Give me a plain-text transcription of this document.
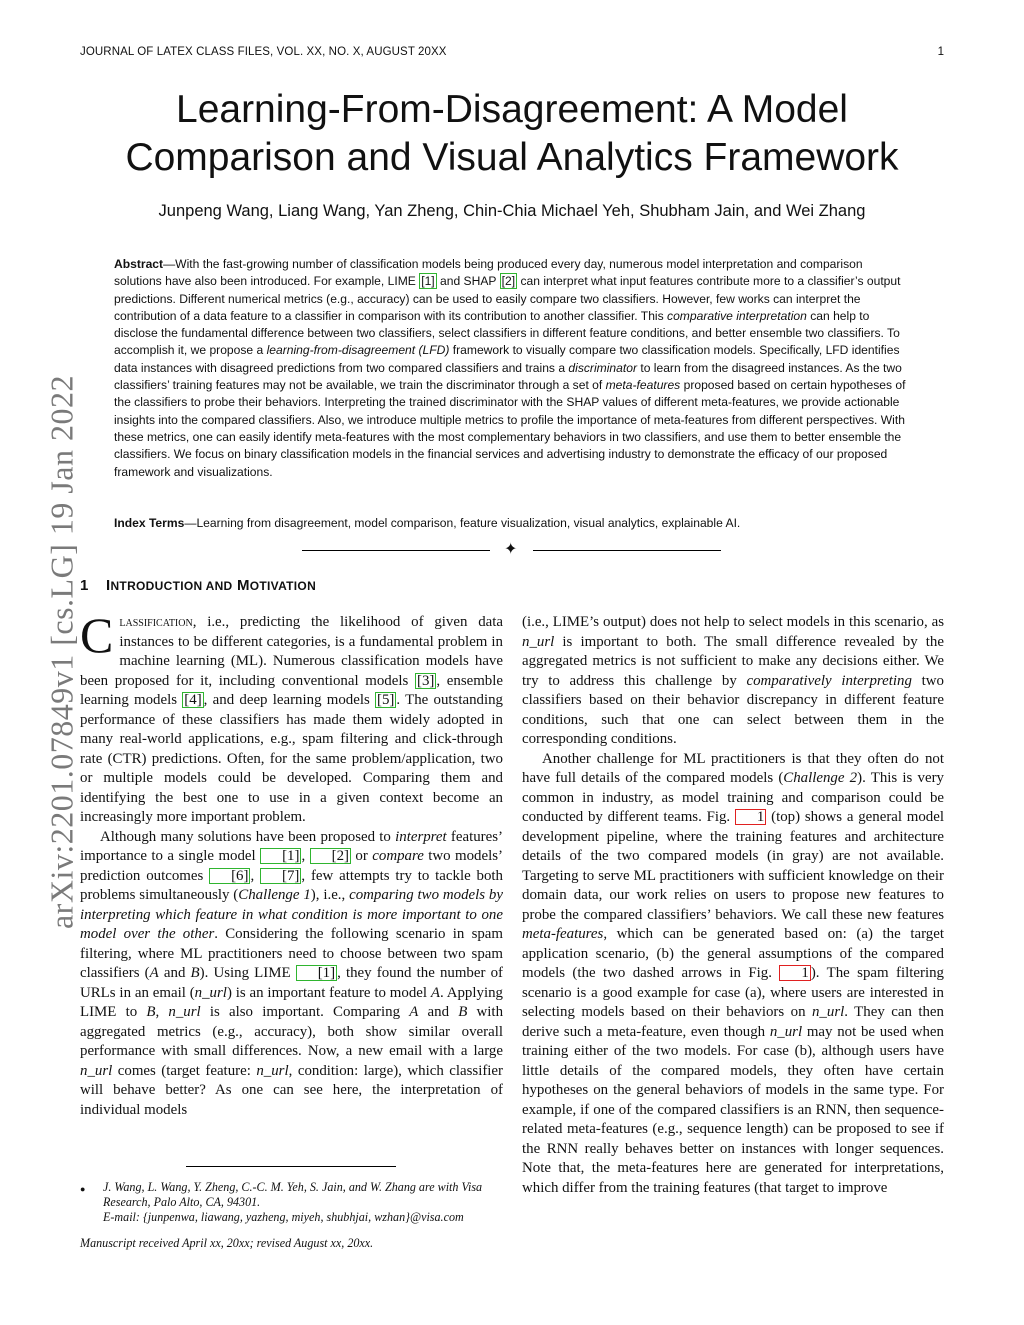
JOURNAL OF LATEX CLASS FILES, VOL. XX, NO. X, AUGUST 20XX	1
Learning-From-Disagreement: A Model
Comparison and Visual Analytics Framework
Junpeng Wang, Liang Wang, Yan Zheng, Chin-Chia Michael Yeh, Shubham Jain, and Wei Zhang

Abstract—With the fast-growing number of classification models being produced every day, numerous model interpretation and comparison solutions have also been introduced. For example, LIME [1] and SHAP [2] can interpret what input features contribute more to a classifier’s output predictions. Different numerical metrics (e.g., accuracy) can be used to easily compare two classifiers. However, few works can interpret the contribution of a data feature to a classifier in comparison with its contribution to another classifier. This comparative interpretation can help to disclose the fundamental difference between two classifiers, select classifiers in different feature conditions, and better ensemble two classifiers. To accomplish it, we propose a learning-from-disagreement (LFD) framework to visually compare two classification models. Specifically, LFD identifies data instances with disagreed predictions from two compared classifiers and trains a discriminator to learn from the disagreed instances. As the two classifiers’ training features may not be available, we train the discriminator through a set of meta-features proposed based on certain hypotheses of the classifiers to probe their behaviors. Interpreting the trained discriminator with the SHAP values of different meta-features, we provide actionable insights into the compared classifiers. Also, we introduce multiple metrics to profile the importance of meta-features from different perspectives. With these metrics, one can easily identify meta-features with the most complementary behaviors in two classifiers, and use them to better ensemble the classifiers. We focus on binary classification models in the financial services and advertising industry to demonstrate the efficacy of our proposed framework and visualizations.

Index Terms—Learning from disagreement, model comparison, feature visualization, visual analytics, explainable AI.

✦
1 INTRODUCTION AND MOTIVATION

Classification, i.e., predicting the likelihood of given data instances to be different categories, is a fundamental problem in machine learning (ML). Numerous classification models have been proposed for it, including conventional models [3] , ensemble learning models [4] , and deep learning models [5] . The outstanding performance of these classifiers has made them widely adopted in many real-world applications, e.g., spam filtering and click-through rate (CTR) predictions. Often, for the same problem/application, two or multiple models could be developed. Comparing them and identifying the best one to use in a given context become an increasingly more important problem.

Although many solutions have been proposed to interpret features’ importance to a single model [1] , [2] or compare two models’ prediction outcomes [6] , [7] , few attempts try to tackle both problems simultaneously (Challenge 1), i.e., comparing two models by interpreting which feature in what condition is more important to one model over the other. Considering the following scenario in spam filtering, where ML practitioners need to choose between two spam classifiers (A and B). Using LIME [1] , they found the number of URLs in an email (n_url) is an important feature to model A. Applying LIME to B, n_url is also important. Comparing A and B with aggregated metrics (e.g., accuracy), both show similar overall performance with small differences. Now, a new email with a large n_url comes (target feature: n_url, condition: large), which classifier will behave better? As one can see here, the interpretation of individual models

(i.e., LIME’s output) does not help to select models in this scenario, as n_url is important to both. The small difference revealed by the aggregated metrics is not sufficient to make any decisions either. We try to address this challenge by comparatively interpreting two classifiers based on their behavior discrepancy in different feature conditions, such that one can select between them in the corresponding conditions.

Another challenge for ML practitioners is that they often do not have full details of the compared models (Challenge 2). This is very common in industry, as model training and comparison could be conducted by different teams. Fig. 1 (top) shows a general model development pipeline, where the training features and architecture details of the two compared models (in gray) are not available. Targeting to serve ML practitioners with sufficient knowledge on their domain data, our work relies on users to propose new features to probe the compared classifiers’ behaviors. We call these new features meta-features, which can be generated based on: (a) the target application scenario, (b) the general assumptions of the compared models (the two dashed arrows in Fig. 1 ). The spam filtering scenario is a good example for case (a), where users are interested in selecting models based on their behaviors on n_url. They can then derive such a meta-feature, even though n_url may not be used when training either of the two models. For case (b), although users have little details of the compared models, they often have certain hypotheses on the general behaviors of models in the same type. For example, if one of the compared classifiers is an RNN, then sequence-related meta-features (e.g., sequence length) can be proposed to see if the RNN really behaves better on instances with longer sequences. Note that, the meta-features here are generated for interpretations, which differ from the training features (that target to improve

● J. Wang, L. Wang, Y. Zheng, C.-C. M. Yeh, S. Jain, and W. Zhang are with Visa Research, Palo Alto, CA, 94301.
E-mail: {junpenwa, liawang, yazheng, miyeh, shubhjai, wzhan}@visa.com
Manuscript received April xx, 20xx; revised August xx, 20xx.
arXiv:2201.07849v1 [cs.LG] 19 Jan 2022
